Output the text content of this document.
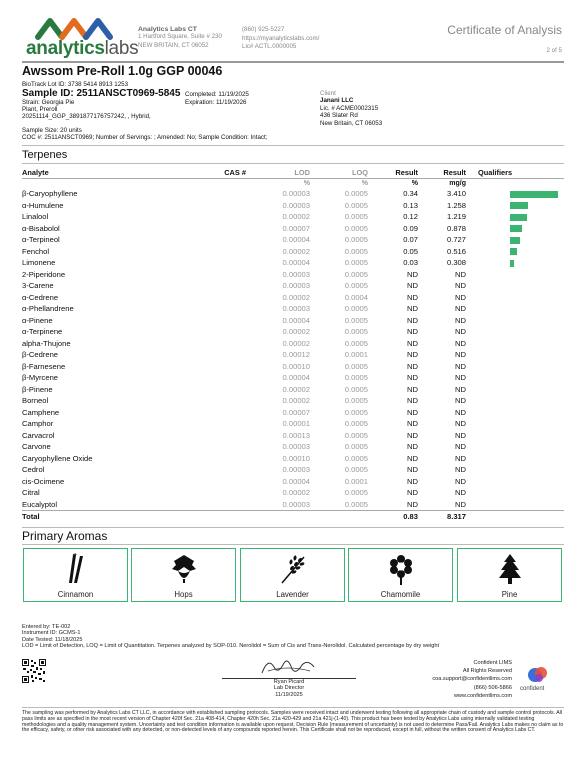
analyticslabs
Analytics Labs CT
1 Hartford Square, Suite # 230
NEW BRITAIN, CT 06052
(860) 925-5227
https://myanalyticslabs.com/
Lic# ACTL.0000005
Certificate of Analysis
2 of 5
Awssom Pre-Roll 1.0g GGP 00046
BioTrack Lot ID: 3738 5414 8913 1253
Sample ID: 2511ANSCT0969-5845 Completed: 11/19/2025
Expiration: 11/19/2026
Strain: Georgia Pie
Plant, Preroll
20251114_GGP_3891877176757242, , Hybrid,
Sample Size: 20 units
COC #: 2511ANSCT0969; Number of Servings: ; Amended: No; Sample Condition: Intact;
Client
Janani LLC
Lic. # ACME0002315
436 Slater Rd
New Britain, CT 06053
Terpenes
Analyte	CAS #	LOD	LOQ	Result	Result	Qualifiers
		%	%	%	mg/g	
β-Caryophyllene		0.00003	0.0005	0.34	3.410	
α-Humulene		0.00003	0.0005	0.13	1.258	
Linalool		0.00002	0.0005	0.12	1.219	
α-Bisabolol		0.00007	0.0005	0.09	0.878	
α-Terpineol		0.00004	0.0005	0.07	0.727	
Fenchol		0.00002	0.0005	0.05	0.516	
Limonene		0.00004	0.0005	0.03	0.308	
2-Piperidone		0.00003	0.0005	ND	ND	
3-Carene		0.00003	0.0005	ND	ND	
α-Cedrene		0.00002	0.0004	ND	ND	
α-Phellandrene		0.00003	0.0005	ND	ND	
α-Pinene		0.00004	0.0005	ND	ND	
α-Terpinene		0.00002	0.0005	ND	ND	
alpha-Thujone		0.00002	0.0005	ND	ND	
β-Cedrene		0.00012	0.0001	ND	ND	
β-Farnesene		0.00010	0.0005	ND	ND	
β-Myrcene		0.00004	0.0005	ND	ND	
β-Pinene		0.00002	0.0005	ND	ND	
Borneol		0.00002	0.0005	ND	ND	
Camphene		0.00007	0.0005	ND	ND	
Camphor		0.00001	0.0005	ND	ND	
Carvacrol		0.00013	0.0005	ND	ND	
Carvone		0.00003	0.0005	ND	ND	
Caryophyllene Oxide		0.00010	0.0005	ND	ND	
Cedrol		0.00003	0.0005	ND	ND	
cis-Ocimene		0.00004	0.0001	ND	ND	
Citral		0.00002	0.0005	ND	ND	
Eucalyptol		0.00003	0.0005	ND	ND	
Total				0.83	8.317	
Primary Aromas
Cinnamon	Hops	Lavender	Chamomile	Pine
Entered by: TE-002
Instrument ID: GCMS-1
Date Tested: 11/18/2025
LOD = Limit of Detection, LOQ = Limit of Quantitation. Terpenes analyzed by SOP-010. Nerolidol = Sum of Cis and Trans-Nerolidol. Calculated percentage by dry weight
Ryan Picard
Lab Director
11/19/2025
Confident LIMS
All Rights Reserved
coa.support@confidentlims.com
(866) 506-5866
www.confidentlims.com
confident
The sampling was performed by Analytics Labs CT LLC, in accordance with established sampling protocols. Samples were received intact and underwent testing following all appropriate chain of custody and sample control protocols. All pass limits are as specified in the most recent version of Chapter 420f Sec. 21a 408-414, Chapter 420h Sec. 21a 420-429 and 21a 421j-(1-40). This product has been tested by Analytics Labs using internally validated testing methodologies and a quality management system. Uncertainty and test condition information is available upon request. Decision Rule (measurement of uncertainty) is not used to determine Pass/Fail. Analytics Labs makes no claim as to the efficacy, safety, or other risk associated with any detected, or non-detected levels of any compounds reported herein. This Certificate shall not be reproduced, except in full, without the written consent of Analytics Labs CT.
